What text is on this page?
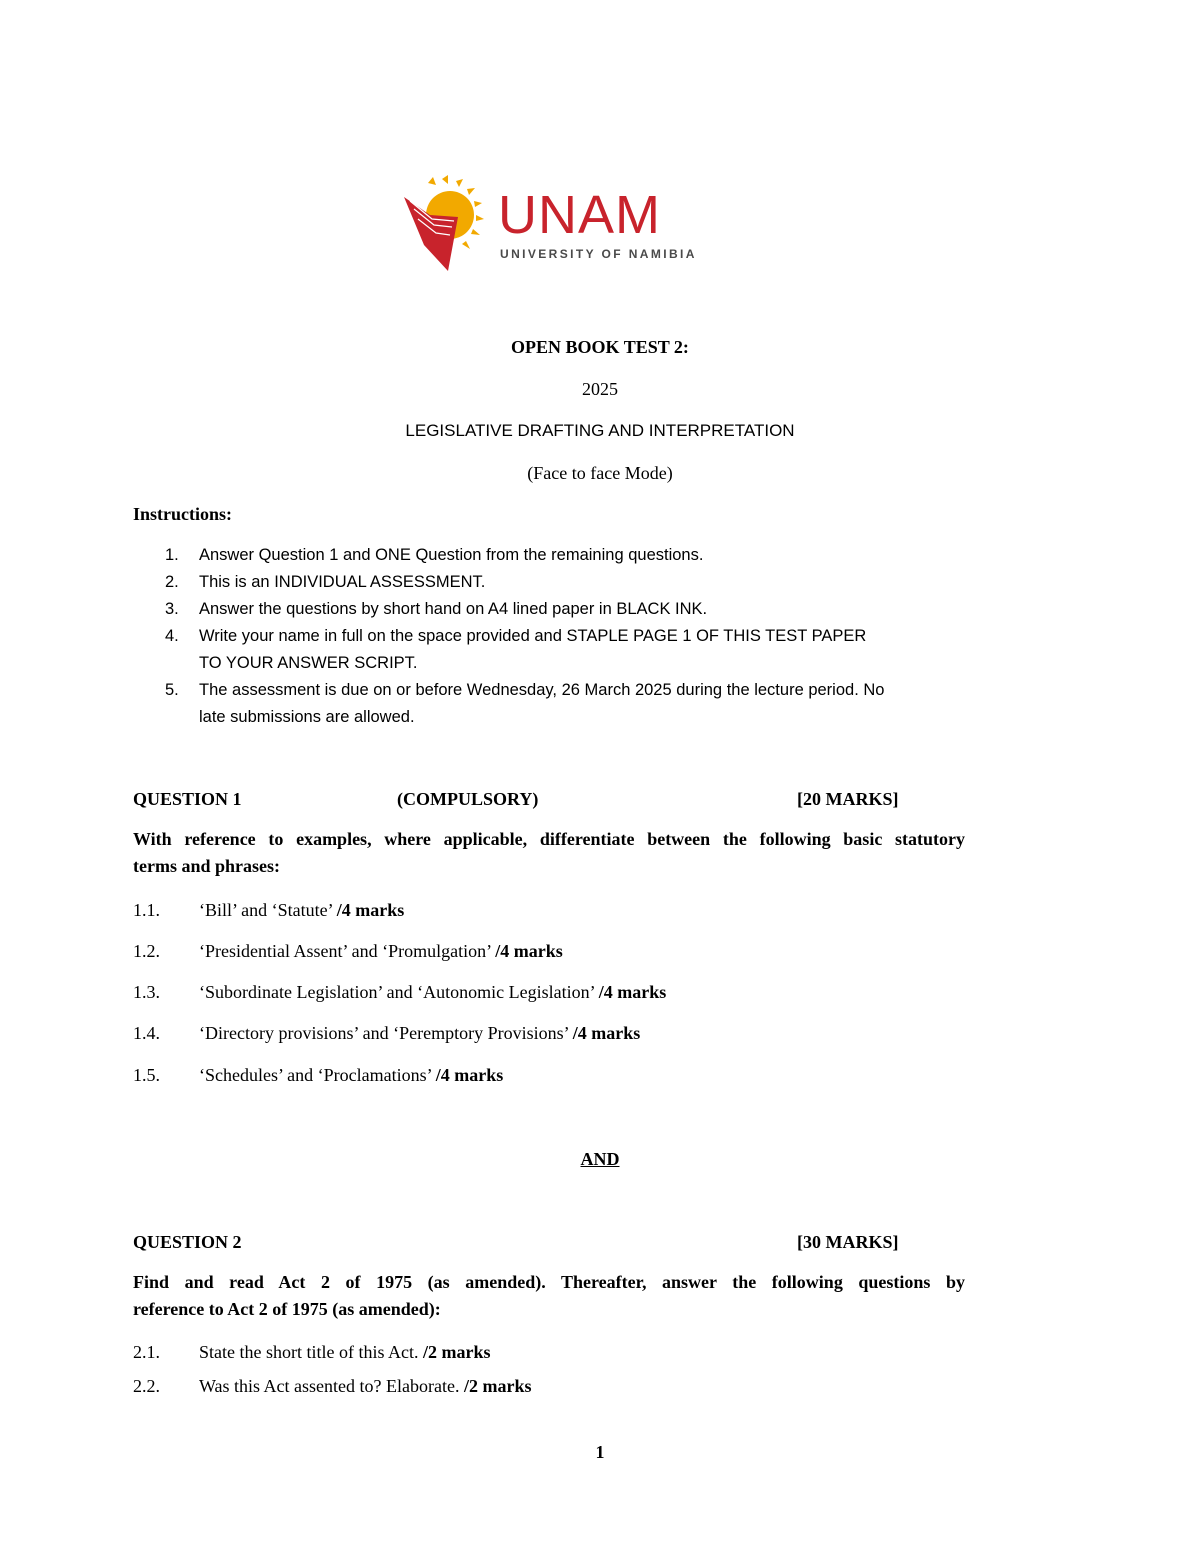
UNAM
UNIVERSITY OF NAMIBIA
OPEN BOOK TEST 2:
2025
LEGISLATIVE DRAFTING AND INTERPRETATION
(Face to face Mode)
Instructions:
1. Answer Question 1 and ONE Question from the remaining questions.
2. This is an INDIVIDUAL ASSESSMENT.
3. Answer the questions by short hand on A4 lined paper in BLACK INK.
4. Write your name in full on the space provided and STAPLE PAGE 1 OF THIS TEST PAPER
TO YOUR ANSWER SCRIPT.
5. The assessment is due on or before Wednesday, 26 March 2025 during the lecture period. No
late submissions are allowed.
QUESTION 1	(COMPULSORY)	[20 MARKS]
With reference to examples, where applicable, differentiate between the following basic statutory
terms and phrases:
1.1. ‘Bill’ and ‘Statute’ /4 marks
1.2. ‘Presidential Assent’ and ‘Promulgation’ /4 marks
1.3. ‘Subordinate Legislation’ and ‘Autonomic Legislation’ /4 marks
1.4. ‘Directory provisions’ and ‘Peremptory Provisions’ /4 marks
1.5. ‘Schedules’ and ‘Proclamations’ /4 marks
AND
QUESTION 2	[30 MARKS]
Find and read Act 2 of 1975 (as amended). Thereafter, answer the following questions by
reference to Act 2 of 1975 (as amended):
2.1. State the short title of this Act. /2 marks
2.2. Was this Act assented to? Elaborate. /2 marks
1
